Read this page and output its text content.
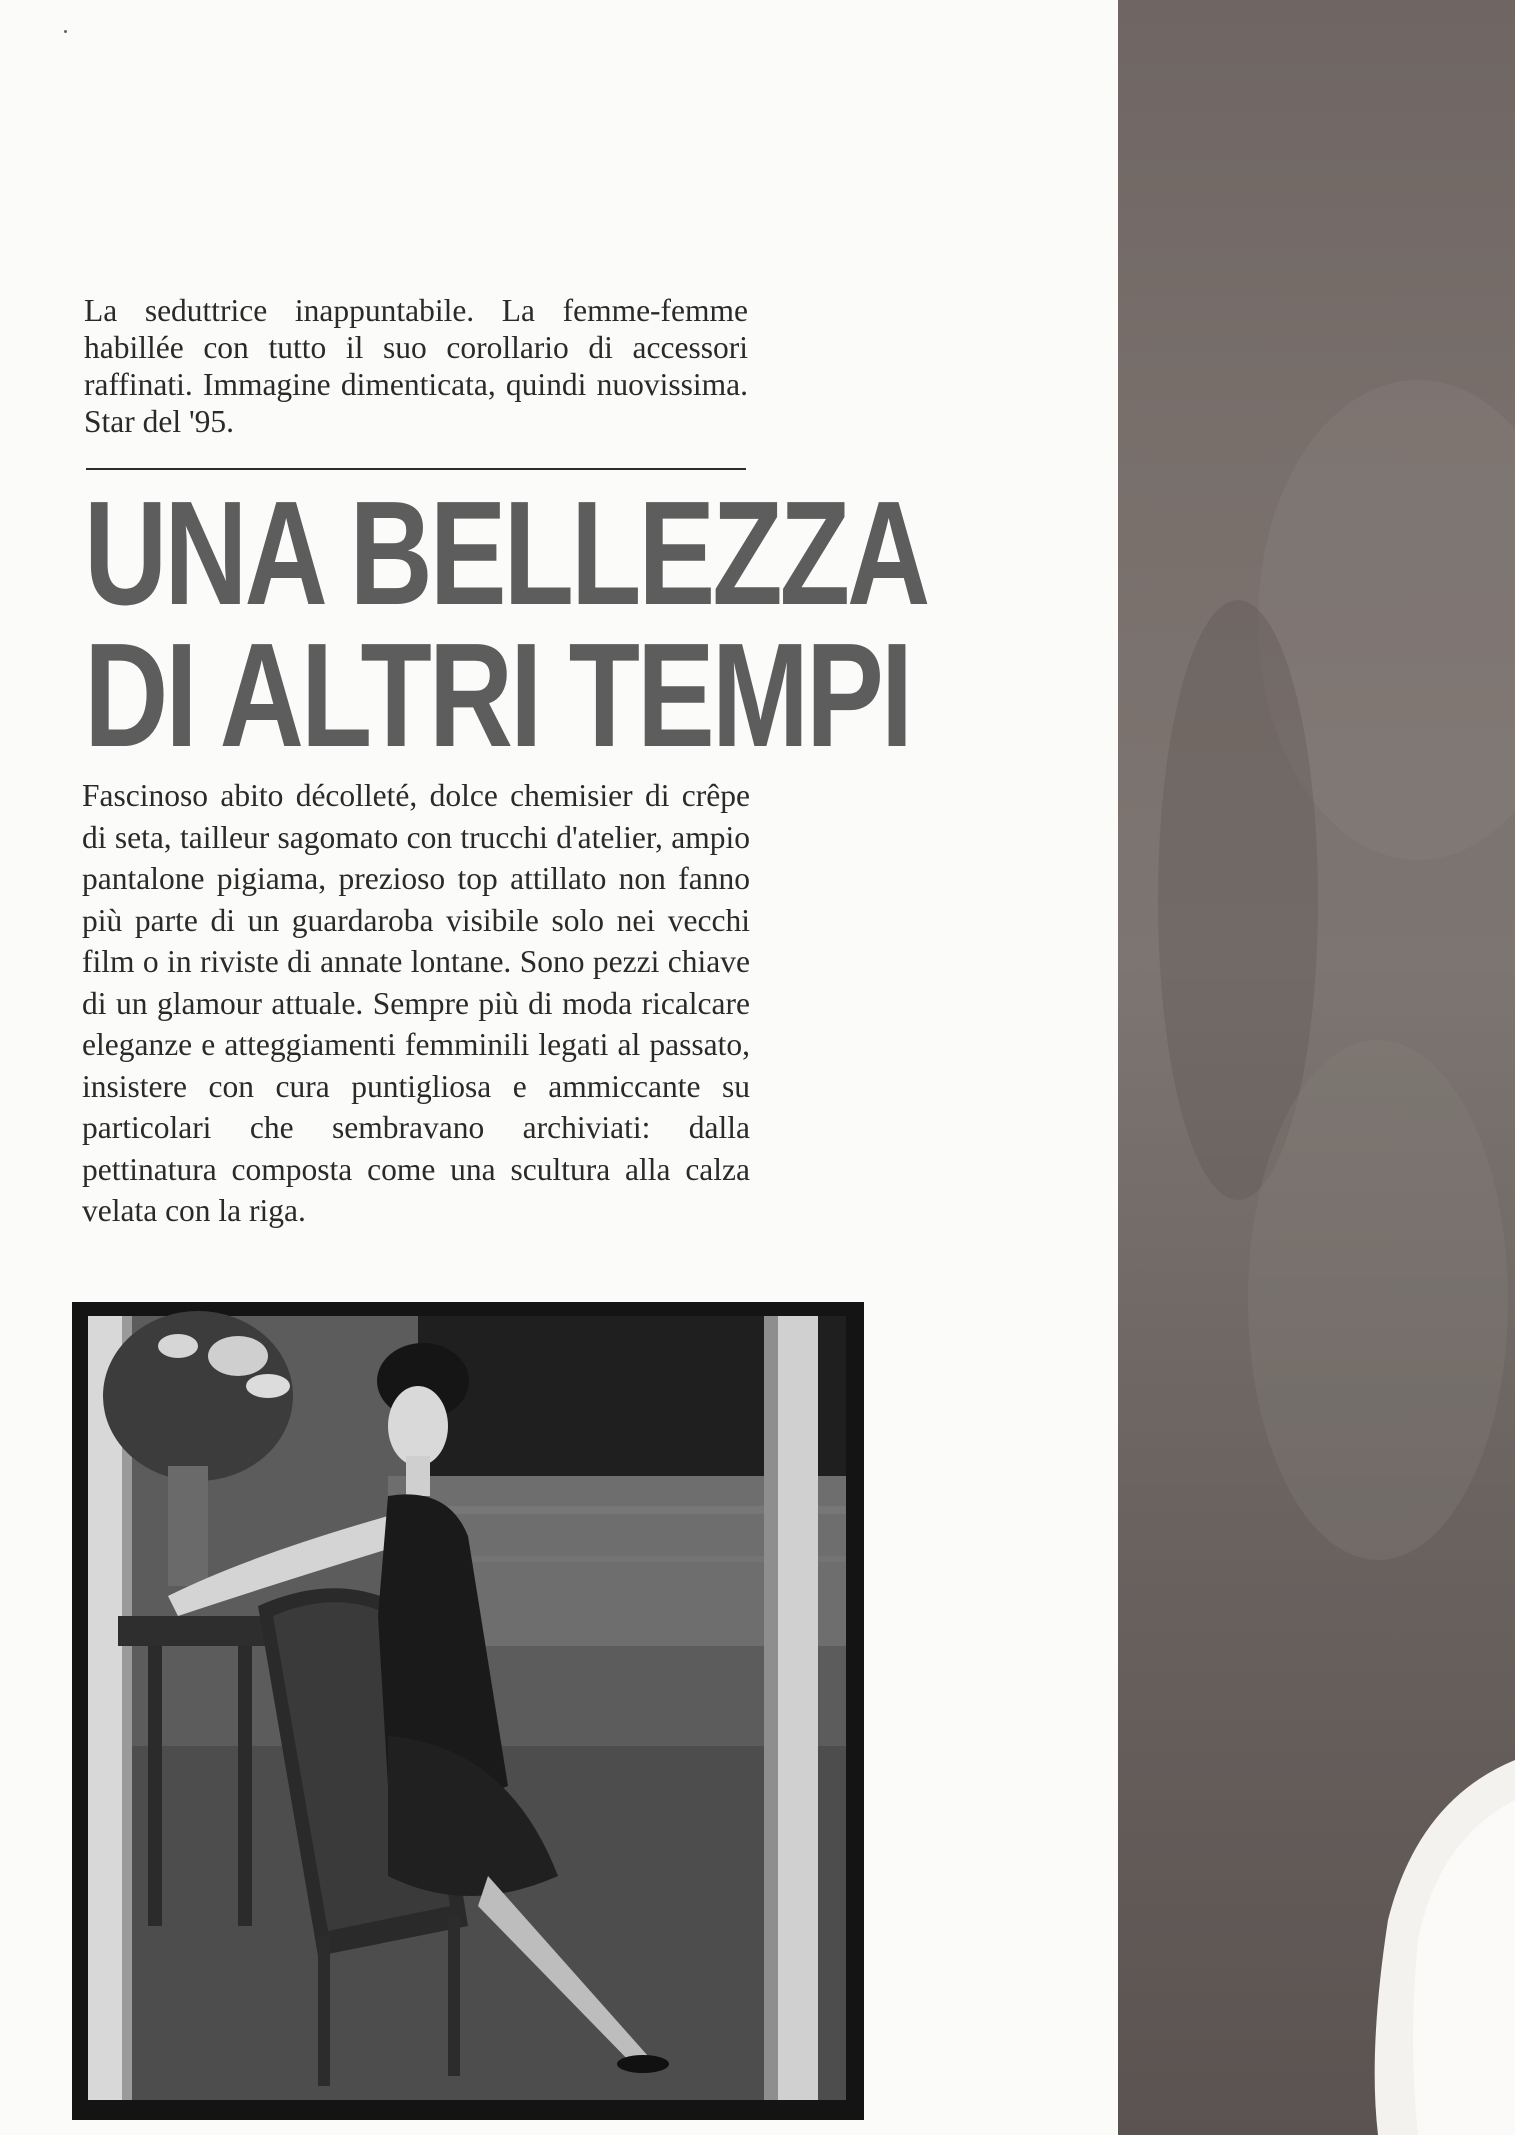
La seduttrice inappuntabile. La femme-femme habillée con tutto il suo corollario di accessori raffinati. Immagine dimenticata, quindi nuovissima. Star del '95.

UNA BELLEZZA
DI ALTRI TEMPI

Fascinoso abito décolleté, dolce chemisier di crêpe di seta, tailleur sagomato con trucchi d'atelier, ampio pantalone pigiama, prezioso top attillato non fanno più parte di un guardaroba visibile solo nei vecchi film o in riviste di annate lontane. Sono pezzi chiave di un glamour attuale. Sempre più di moda ricalcare eleganze e atteggiamenti femminili legati al passato, insistere con cura puntigliosa e ammiccante su particolari che sembravano archiviati: dalla pettinatura composta come una scultura alla calza velata con la riga.
